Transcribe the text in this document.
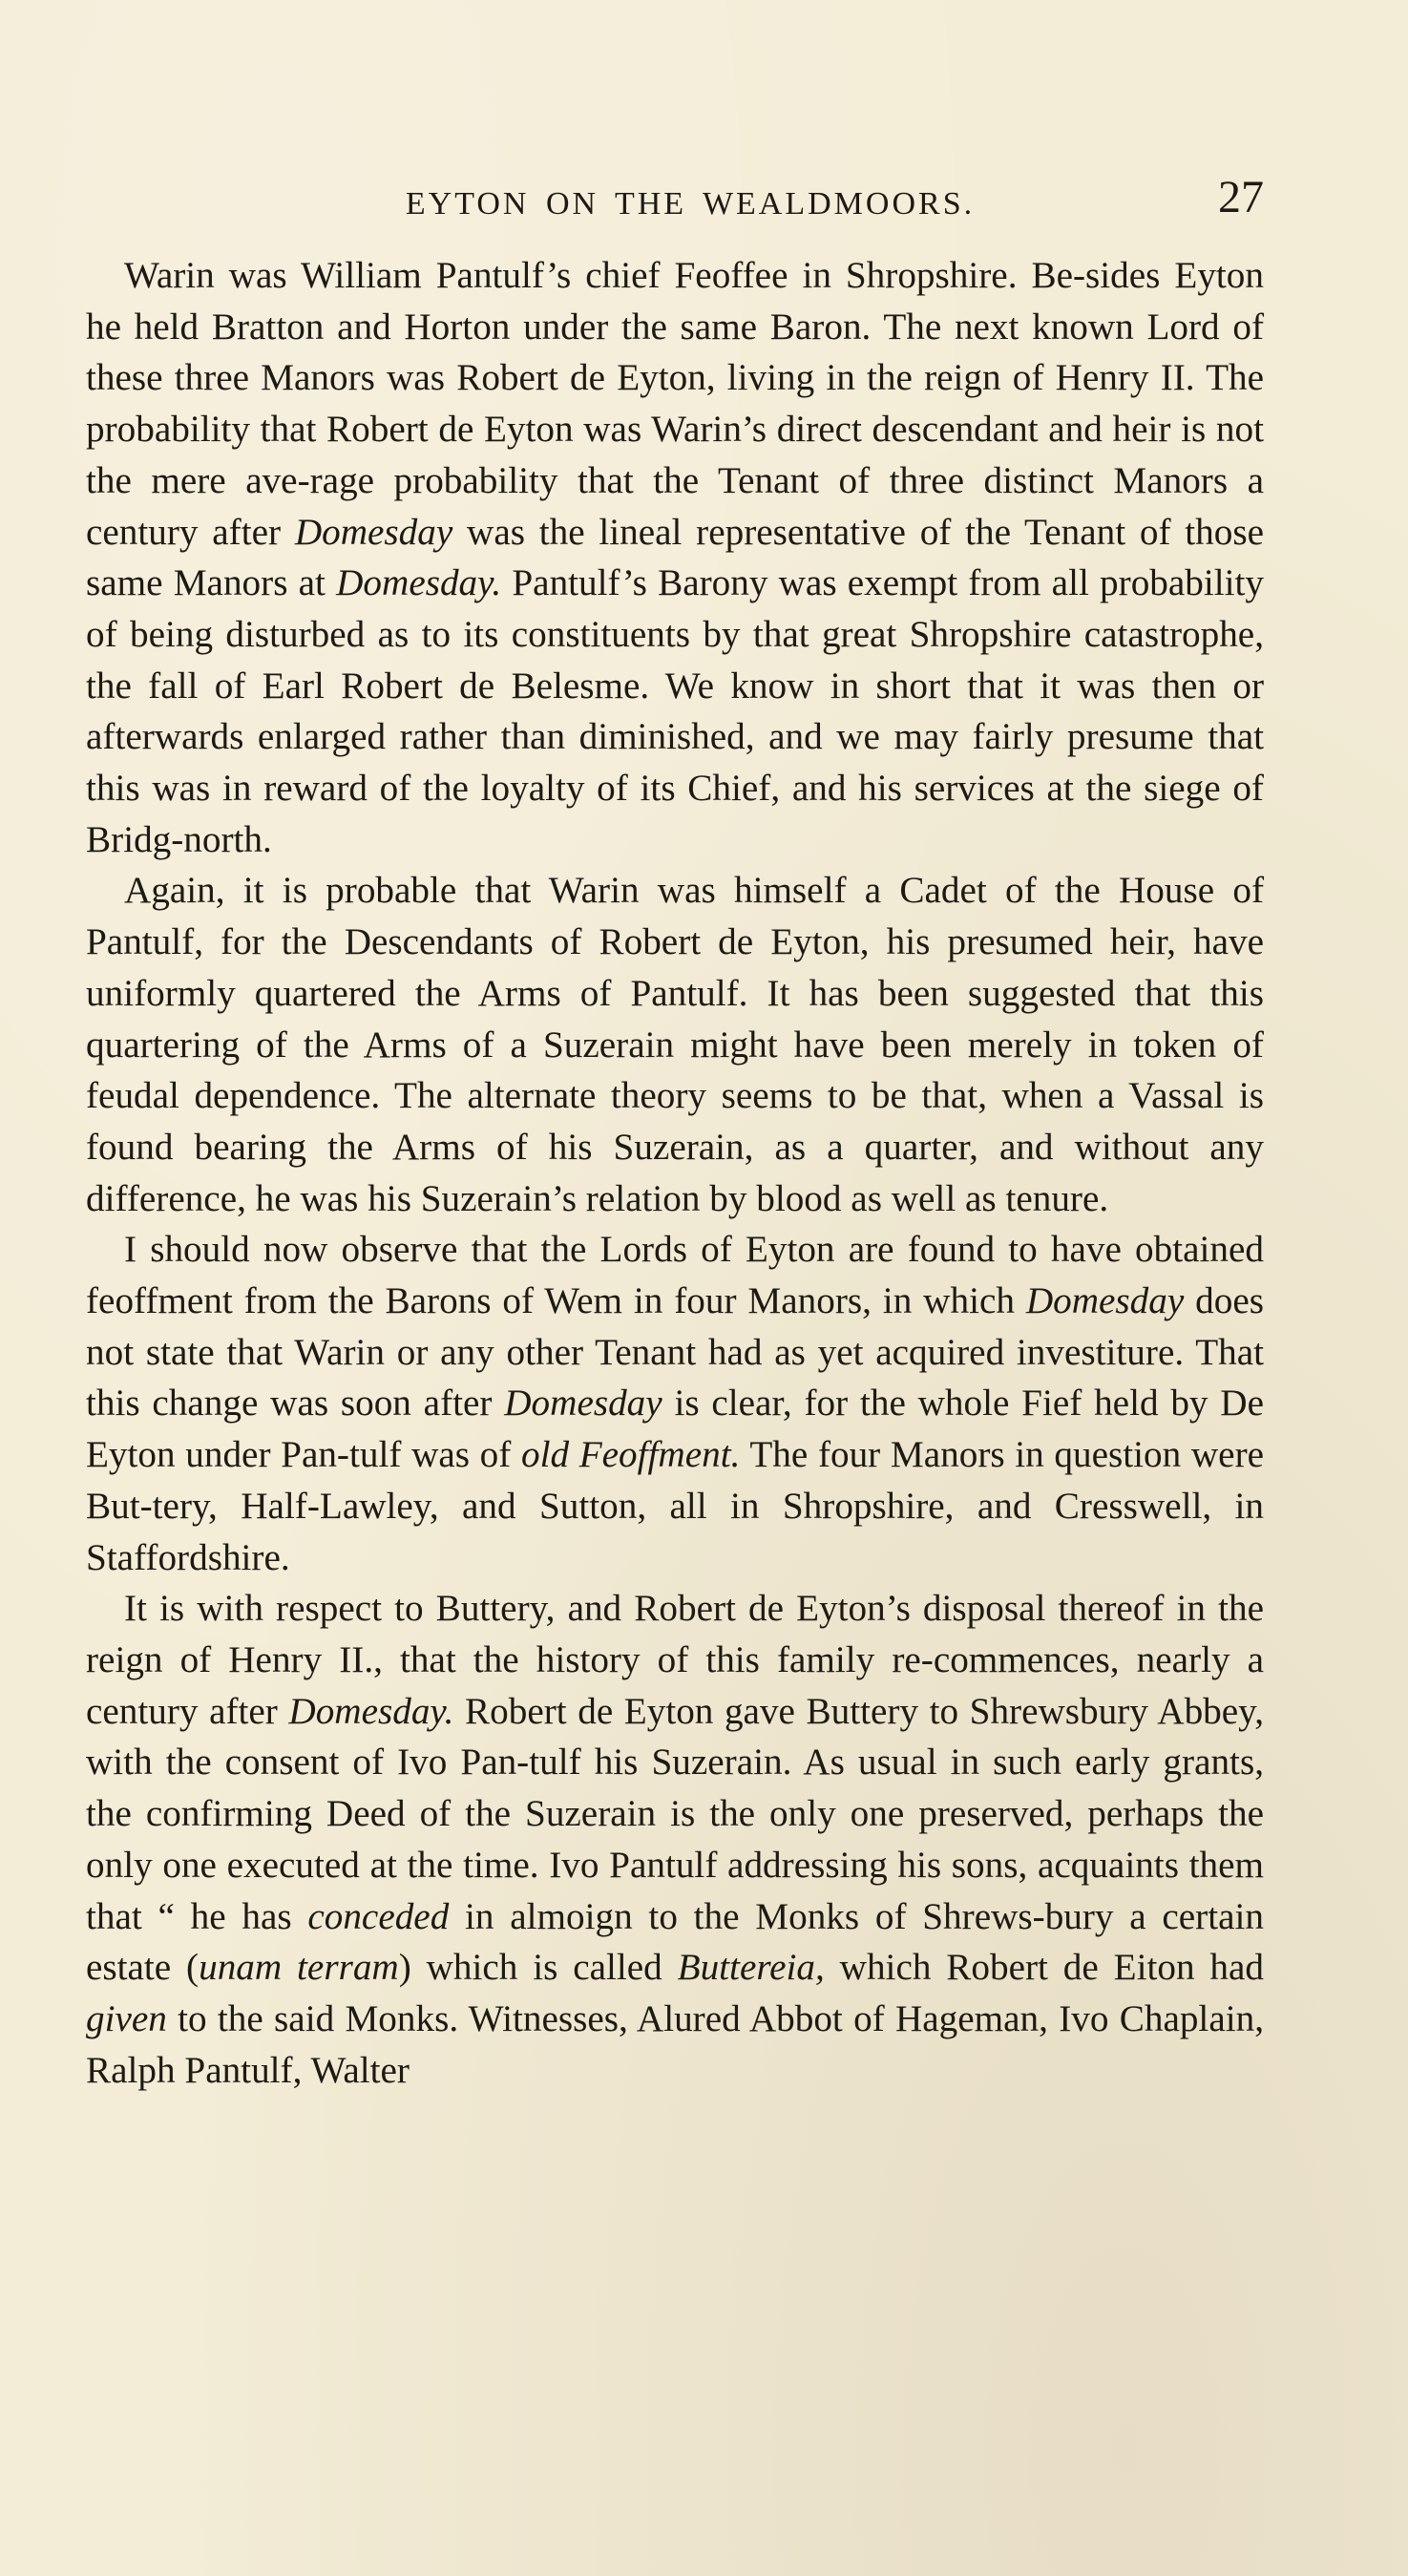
EYTON ON THE WEALDMOORS.	27

Warin was William Pantulf’s chief Feoffee in Shropshire. Be-sides Eyton he held Bratton and Horton under the same Baron. The next known Lord of these three Manors was Robert de Eyton, living in the reign of Henry II. The probability that Robert de Eyton was Warin’s direct descendant and heir is not the mere ave-rage probability that the Tenant of three distinct Manors a century after Domesday was the lineal representative of the Tenant of those same Manors at Domesday. Pantulf’s Barony was exempt from all probability of being disturbed as to its constituents by that great Shropshire catastrophe, the fall of Earl Robert de Belesme. We know in short that it was then or afterwards enlarged rather than diminished, and we may fairly presume that this was in reward of the loyalty of its Chief, and his services at the siege of Bridg-north.

Again, it is probable that Warin was himself a Cadet of the House of Pantulf, for the Descendants of Robert de Eyton, his presumed heir, have uniformly quartered the Arms of Pantulf. It has been suggested that this quartering of the Arms of a Suzerain might have been merely in token of feudal dependence. The alternate theory seems to be that, when a Vassal is found bearing the Arms of his Suzerain, as a quarter, and without any difference, he was his Suzerain’s relation by blood as well as tenure.

I should now observe that the Lords of Eyton are found to have obtained feoffment from the Barons of Wem in four Manors, in which Domesday does not state that Warin or any other Tenant had as yet acquired investiture. That this change was soon after Domesday is clear, for the whole Fief held by De Eyton under Pan-tulf was of old Feoffment. The four Manors in question were But-tery, Half-Lawley, and Sutton, all in Shropshire, and Cresswell, in Staffordshire.

It is with respect to Buttery, and Robert de Eyton’s disposal thereof in the reign of Henry II., that the history of this family re-commences, nearly a century after Domesday. Robert de Eyton gave Buttery to Shrewsbury Abbey, with the consent of Ivo Pan-tulf his Suzerain. As usual in such early grants, the confirming Deed of the Suzerain is the only one preserved, perhaps the only one executed at the time. Ivo Pantulf addressing his sons, acquaints them that “ he has conceded in almoign to the Monks of Shrews-bury a certain estate (unam terram) which is called Buttereia, which Robert de Eiton had given to the said Monks. Witnesses, Alured Abbot of Hageman, Ivo Chaplain, Ralph Pantulf, Walter
